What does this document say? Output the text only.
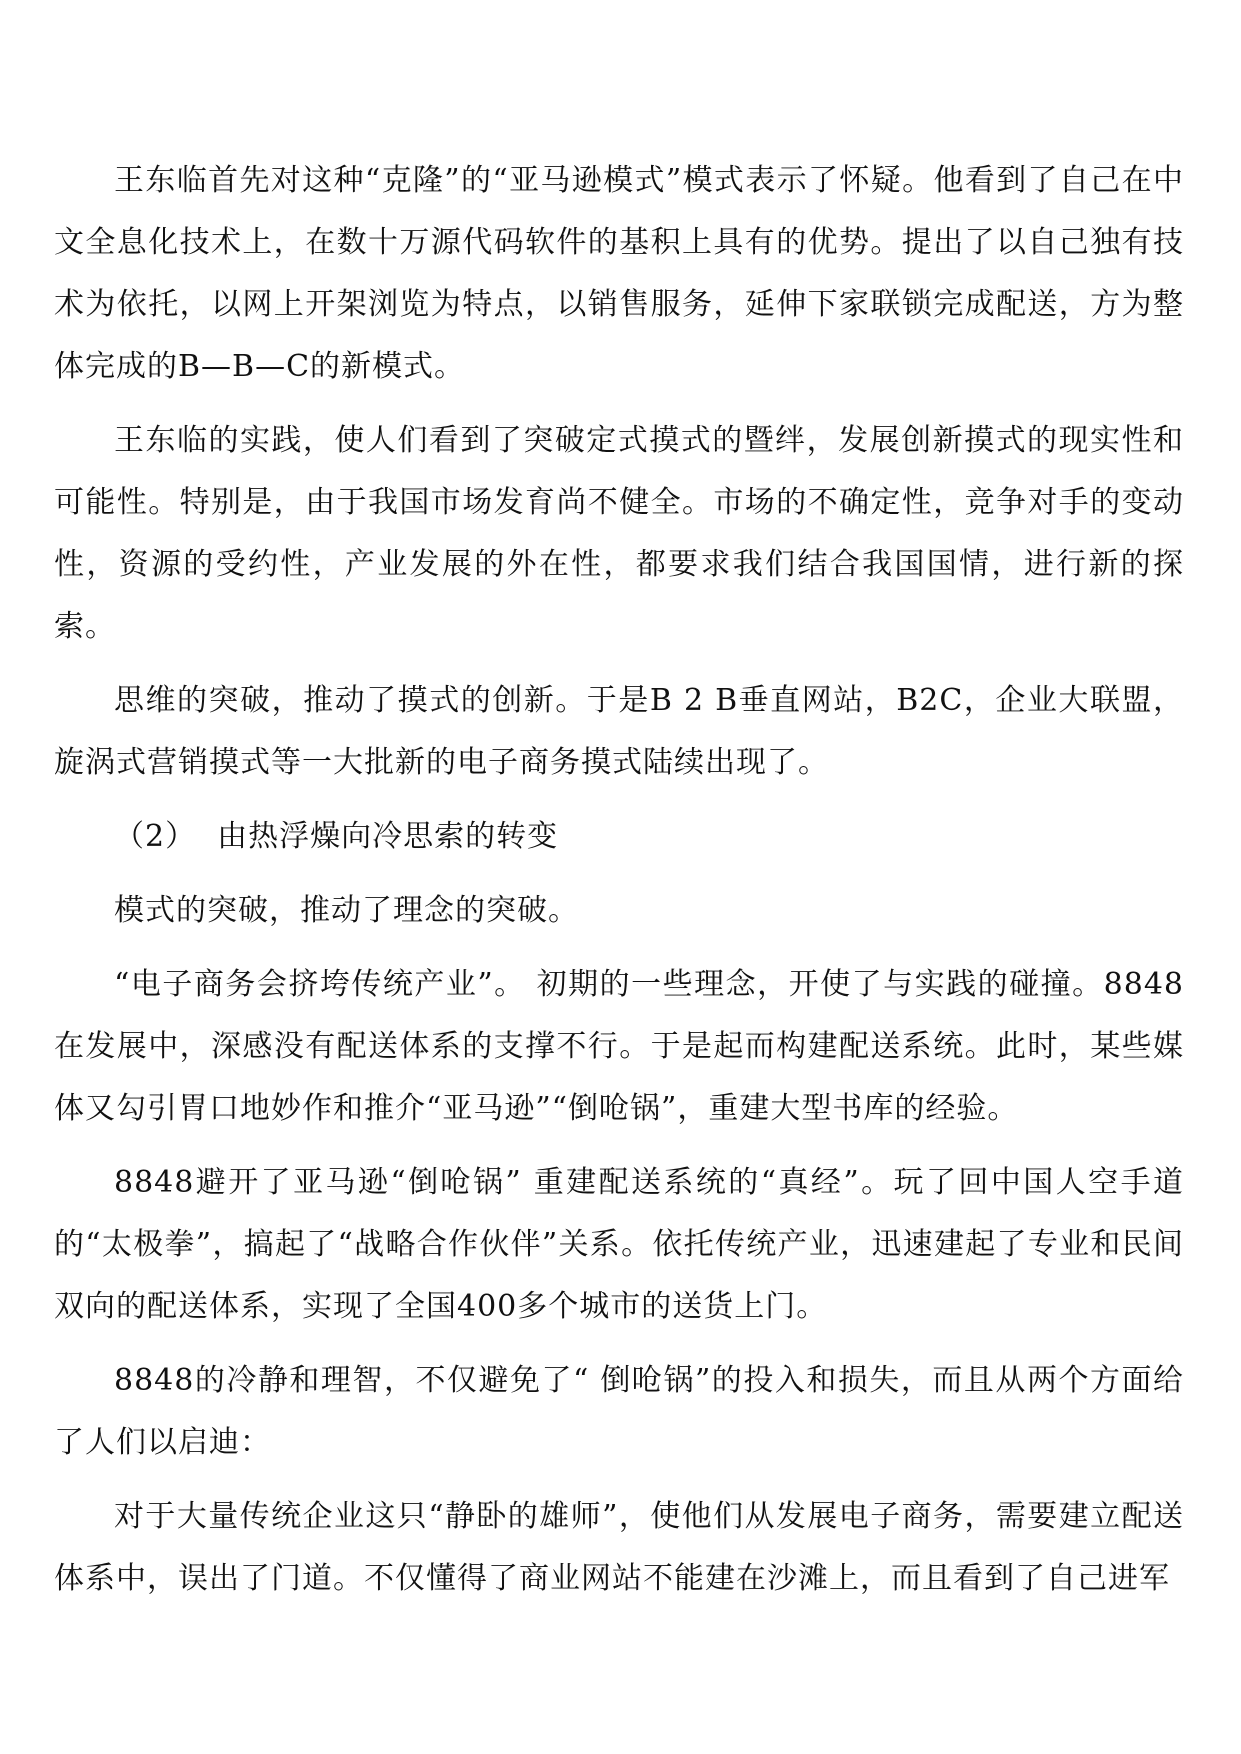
王东临首先对这种“克隆”的“亚马逊模式”模式表示了怀疑。他看到了自己在中文全息化技术上，在数十万源代码软件的基积上具有的优势。提出了以自己独有技术为依托，以网上开架浏览为特点，以销售服务，延伸下家联锁完成配送，方为整体完成的B—B—C的新模式。

王东临的实践，使人们看到了突破定式摸式的暨绊，发展创新摸式的现实性和可能性。特别是，由于我国市场发育尚不健全。市场的不确定性，竞争对手的变动性，资源的受约性，产业发展的外在性，都要求我们结合我国国情，进行新的探索。

思维的突破，推动了摸式的创新。于是B 2 B垂直网站，B2C，企业大联盟，旋涡式营销摸式等一大批新的电子商务摸式陆续出现了。

（2）  由热浮燥向冷思索的转变

模式的突破，推动了理念的突破。

“电子商务会挤垮传统产业”。 初期的一些理念，开使了与实践的碰撞。8848在发展中，深感没有配送体系的支撑不行。于是起而构建配送系统。此时，某些媒体又勾引胃口地妙作和推介“亚马逊”“倒呛锅”，重建大型书库的经验。

8848避开了亚马逊“倒呛锅” 重建配送系统的“真经”。玩了回中国人空手道的“太极拳”，搞起了“战略合作伙伴”关系。依托传统产业，迅速建起了专业和民间双向的配送体系，实现了全国400多个城市的送货上门。

8848的冷静和理智，不仅避免了“ 倒呛锅”的投入和损失，而且从两个方面给了人们以启迪：

对于大量传统企业这只“静卧的雄师”，使他们从发展电子商务，需要建立配送体系中，误出了门道。不仅懂得了商业网站不能建在沙滩上，而且看到了自己进军
